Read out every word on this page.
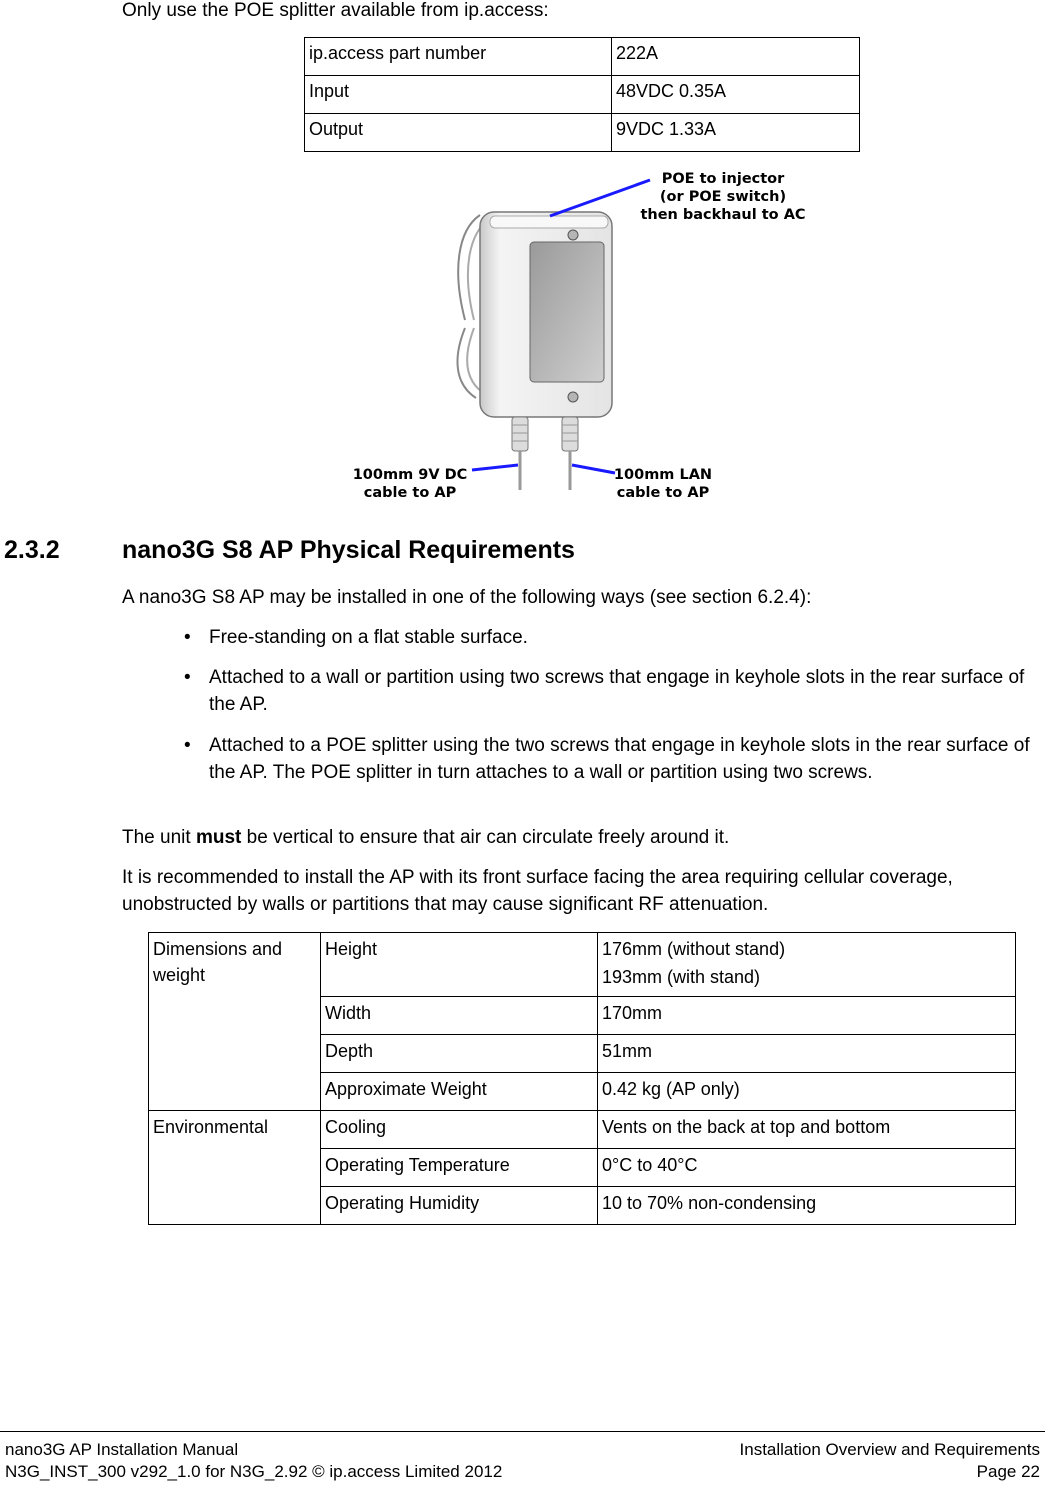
Only use the POE splitter available from ip.access:
ip.access part number	222A
Input	48VDC 0.35A
Output	9VDC 1.33A
POE to injector
(or POE switch)
then backhaul to AC
100mm 9V DC
cable to AP
100mm LAN
cable to AP
2.3.2 nano3G S8 AP Physical Requirements
A nano3G S8 AP may be installed in one of the following ways (see section 6.2.4):
• Free-standing on a flat stable surface.
• Attached to a wall or partition using two screws that engage in keyhole slots in the rear surface of the AP.
• Attached to a POE splitter using the two screws that engage in keyhole slots in the rear surface of the AP. The POE splitter in turn attaches to a wall or partition using two screws.
The unit must be vertical to ensure that air can circulate freely around it.
It is recommended to install the AP with its front surface facing the area requiring cellular coverage, unobstructed by walls or partitions that may cause significant RF attenuation.
Dimensions and weight	Height	176mm (without stand)
193mm (with stand)

	Width	170mm
	Depth	51mm
	Approximate Weight	0.42 kg (AP only)
Environmental	Cooling	Vents on the back at top and bottom
	Operating Temperature	0°C to 40°C
	Operating Humidity	10 to 70% non-condensing
nano3G AP Installation Manual
N3G_INST_300 v292_1.0 for N3G_2.92 © ip.access Limited 2012
Installation Overview and Requirements
Page 22
